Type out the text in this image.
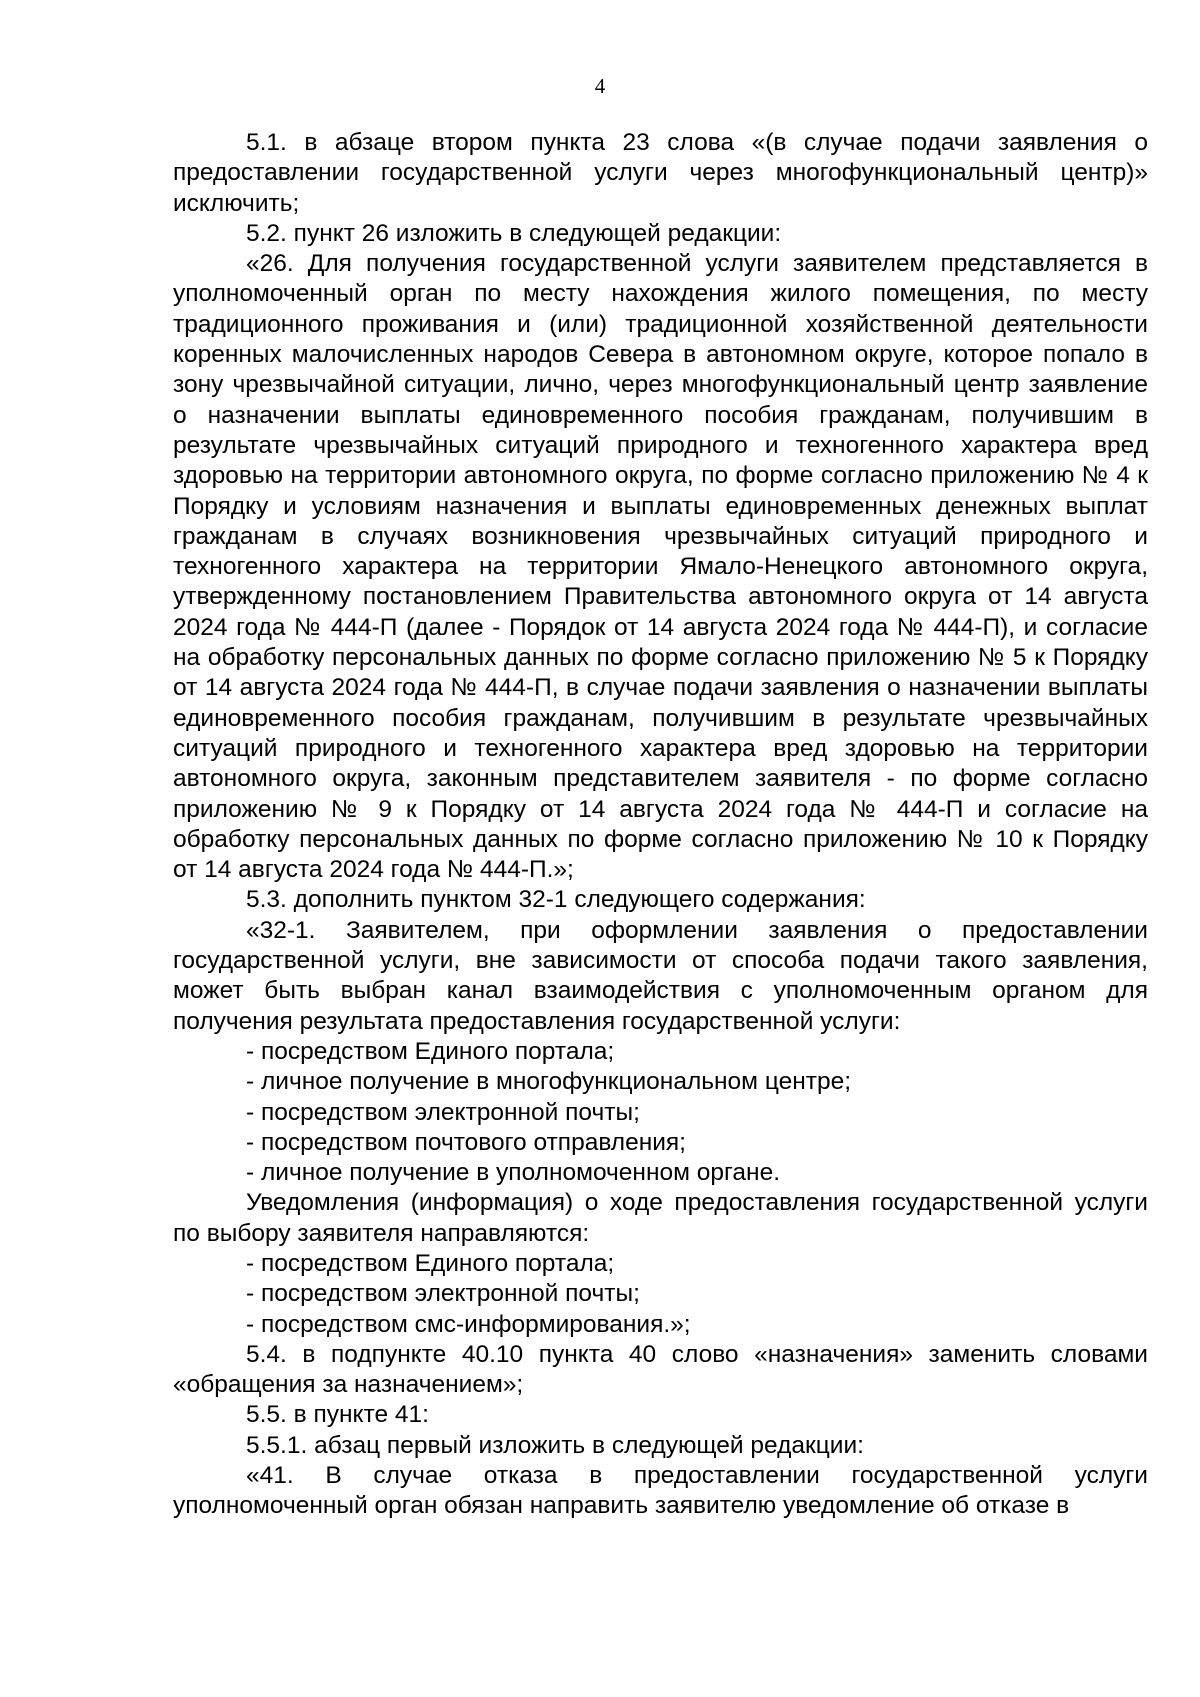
4

5.1. в абзаце втором пункта 23 слова «(в случае подачи заявления о предоставлении государственной услуги через многофункциональный центр)» исключить;

5.2. пункт 26 изложить в следующей редакции:

«26. Для получения государственной услуги заявителем представляется в уполномоченный орган по месту нахождения жилого помещения, по месту традиционного проживания и (или) традиционной хозяйственной деятельности коренных малочисленных народов Севера в автономном округе, которое попало в зону чрезвычайной ситуации, лично, через многофункциональный центр заявление о назначении выплаты единовременного пособия гражданам, получившим в результате чрезвычайных ситуаций природного и техногенного характера вред здоровью на территории автономного округа, по форме согласно приложению № 4 к Порядку и условиям назначения и выплаты единовременных денежных выплат гражданам в случаях возникновения чрезвычайных ситуаций природного и техногенного характера на территории Ямало-Ненецкого автономного округа, утвержденному постановлением Правительства автономного округа от 14 августа 2024 года № 444-П (далее - Порядок от 14 августа 2024 года № 444-П), и согласие на обработку персональных данных по форме согласно приложению № 5 к Порядку от 14 августа 2024 года № 444-П, в случае подачи заявления о назначении выплаты единовременного пособия гражданам, получившим в результате чрезвычайных ситуаций природного и техногенного характера вред здоровью на территории автономного округа, законным представителем заявителя - по форме согласно приложению № 9 к Порядку от 14 августа 2024 года № 444-П и согласие на обработку персональных данных по форме согласно приложению № 10 к Порядку от 14 августа 2024 года № 444-П.»;

5.3. дополнить пунктом 32-1 следующего содержания:

«32-1. Заявителем, при оформлении заявления о предоставлении государственной услуги, вне зависимости от способа подачи такого заявления, может быть выбран канал взаимодействия с уполномоченным органом для получения результата предоставления государственной услуги:

- посредством Единого портала;

- личное получение в многофункциональном центре;

- посредством электронной почты;

- посредством почтового отправления;

- личное получение в уполномоченном органе.

Уведомления (информация) о ходе предоставления государственной услуги по выбору заявителя направляются:

- посредством Единого портала;

- посредством электронной почты;

- посредством смс-информирования.»;

5.4. в подпункте 40.10 пункта 40 слово «назначения» заменить словами «обращения за назначением»;

5.5. в пункте 41:

5.5.1. абзац первый изложить в следующей редакции:

«41. В случае отказа в предоставлении государственной услуги уполномоченный орган обязан направить заявителю уведомление об отказе в
